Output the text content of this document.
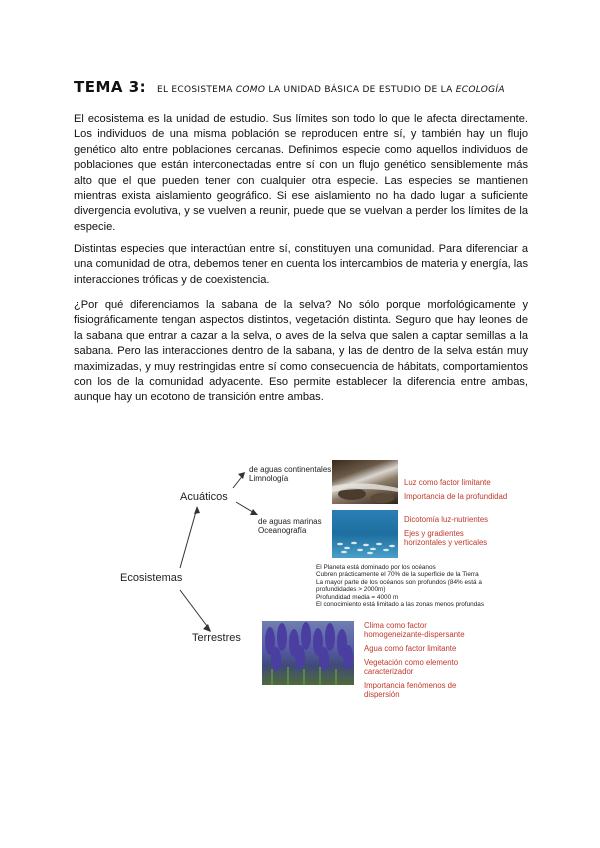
TEMA 3: EL ECOSISTEMA COMO LA UNIDAD BÁSICA DE ESTUDIO DE LA ECOLOGÍA

El ecosistema es la unidad de estudio. Sus límites son todo lo que le afecta directamente. Los individuos de una misma población se reproducen entre sí, y también hay un flujo genético alto entre poblaciones cercanas. Definimos especie como aquellos individuos de poblaciones que están interconectadas entre sí con un flujo genético sensiblemente más alto que el que pueden tener con cualquier otra especie. Las especies se mantienen mientras exista aislamiento geográfico. Si ese aislamiento no ha dado lugar a suficiente divergencia evolutiva, y se vuelven a reunir, puede que se vuelvan a perder los límites de la especie.

Distintas especies que interactúan entre sí, constituyen una comunidad. Para diferenciar a una comunidad de otra, debemos tener en cuenta los intercambios de materia y energía, las interacciones tróficas y de coexistencia.

¿Por qué diferenciamos la sabana de la selva? No sólo porque morfológicamente y fisiográficamente tengan aspectos distintos, vegetación distinta. Seguro que hay leones de la sabana que entrar a cazar a la selva, o aves de la selva que salen a captar semillas a la sabana. Pero las interacciones dentro de la sabana, y las de dentro de la selva están muy maximizadas, y muy restringidas entre sí como consecuencia de hábitats, comportamientos con los de la comunidad adyacente. Eso permite establecer la diferencia entre ambas, aunque hay un ecotono de transición entre ambas.

Acuáticos
Ecosistemas
Terrestres
de aguas continentales
Limnología
de aguas marinas
Oceanografía
Luz como factor limitante
Importancia de la profundidad
Dicotomía luz-nutrientes
Ejes y gradientes horizontales y verticales
El Planeta está dominado por los océanos
Cubren prácticamente el 70% de la superficie de la Tierra
La mayor parte de los océanos son profundos (84% está a profundidades > 2000m)
Profundidad media = 4000 m
El conocimiento está limitado a las zonas menos profundas
Clima como factor homogeneizante-dispersante
Agua como factor limitante
Vegetación como elemento caracterizador
Importancia fenómenos de dispersión
